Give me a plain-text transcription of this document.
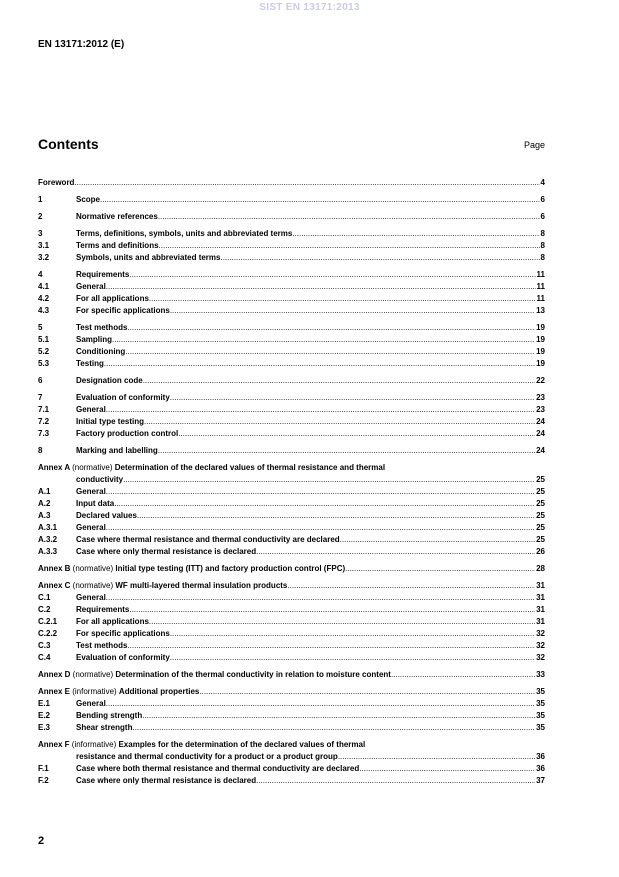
SIST EN 13171:2013
EN 13171:2012 (E)
Contents	Page
Foreword .....	4
1	Scope .....	6
2	Normative references .....	6
3	Terms, definitions, symbols, units and abbreviated terms .....	8
3.1	Terms and definitions .....	8
3.2	Symbols, units and abbreviated terms .....	8
4	Requirements .....	11
4.1	General .....	11
4.2	For all applications .....	11
4.3	For specific applications .....	13
5	Test methods .....	19
5.1	Sampling .....	19
5.2	Conditioning .....	19
5.3	Testing .....	19
6	Designation code .....	22
7	Evaluation of conformity .....	23
7.1	General .....	23
7.2	Initial type testing .....	24
7.3	Factory production control .....	24
8	Marking and labelling .....	24
Annex A (normative) Determination of the declared values of thermal resistance and thermal
conductivity .....	25
A.1	General .....	25
A.2	Input data .....	25
A.3	Declared values .....	25
A.3.1	General .....	25
A.3.2	Case where thermal resistance and thermal conductivity are declared .....	25
A.3.3	Case where only thermal resistance is declared .....	26
Annex B (normative) Initial type testing (ITT) and factory production control (FPC) .....	28
Annex C (normative) WF multi-layered thermal insulation products .....	31
C.1	General .....	31
C.2	Requirements .....	31
C.2.1	For all applications .....	31
C.2.2	For specific applications .....	32
C.3	Test methods .....	32
C.4	Evaluation of conformity .....	32
Annex D (normative) Determination of the thermal conductivity in relation to moisture content .....	33
Annex E (informative) Additional properties .....	35
E.1	General .....	35
E.2	Bending strength .....	35
E.3	Shear strength .....	35
Annex F (informative) Examples for the determination of the declared values of thermal
resistance and thermal conductivity for a product or a product group .....	36
F.1	Case where both thermal resistance and thermal conductivity are declared .....	36
F.2	Case where only thermal resistance is declared .....	37
2
